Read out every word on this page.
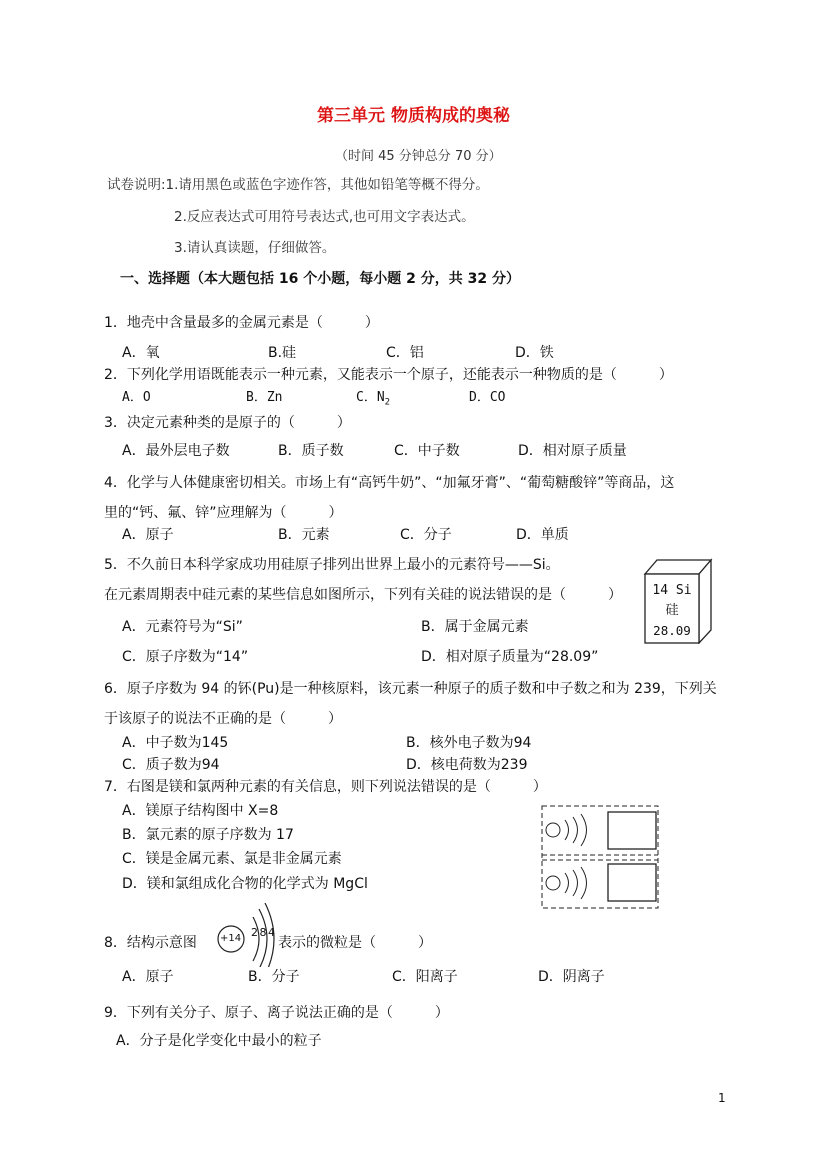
第三单元 物质构成的奥秘
（时间 45 分钟总分 70 分）
试卷说明:1.请用黑色或蓝色字迹作答，其他如铅笔等概不得分。
2.反应表达式可用符号表达式,也可用文字表达式。
3.请认真读题，仔细做答。
一、选择题（本大题包括 16 个小题，每小题 2 分，共 32 分）
1．地壳中含量最多的金属元素是（　　　）
A．氧	B.硅	C．铝	D．铁
2．下列化学用语既能表示一种元素，又能表示一个原子，还能表示一种物质的是（　　　）
A．O	B．Zn	C．$N_2$	D．CO
3．决定元素种类的是原子的（　　　）
A．最外层电子数	B．质子数	C．中子数	D．相对原子质量
4．化学与人体健康密切相关。市场上有“高钙牛奶”、“加氟牙膏”、“葡萄糖酸锌”等商品，这
里的“钙、氟、锌”应理解为（　　　）
A．原子	B．元素	C．分子	D．单质
5．不久前日本科学家成功用硅原子排列出世界上最小的元素符号——Si。
在元素周期表中硅元素的某些信息如图所示，下列有关硅的说法错误的是（　　　）
A．元素符号为“Si”	B．属于金属元素
C．原子序数为“14”	D．相对原子质量为“28.09”
14 Si
硅
28.09
6．原子序数为 94 的钚(Pu)是一种核原料，该元素一种原子的质子数和中子数之和为 239，下列关
于该原子的说法不正确的是（　　　）
A．中子数为145	B．核外电子数为94
C．质子数为94	D．核电荷数为239
7．右图是镁和氯两种元素的有关信息，则下列说法错误的是（　　　）
A．镁原子结构图中 X=8
B．氯元素的原子序数为 17
C．镁是金属元素、氯是非金属元素
D．镁和氯组成化合物的化学式为 MgCl
8．结构示意图 +14 2 8 4
表示的微粒是（　　　）
A．原子	B．分子	C．阳离子	D．阴离子
9．下列有关分子、原子、离子说法正确的是（　　　）
A．分子是化学变化中最小的粒子
1
